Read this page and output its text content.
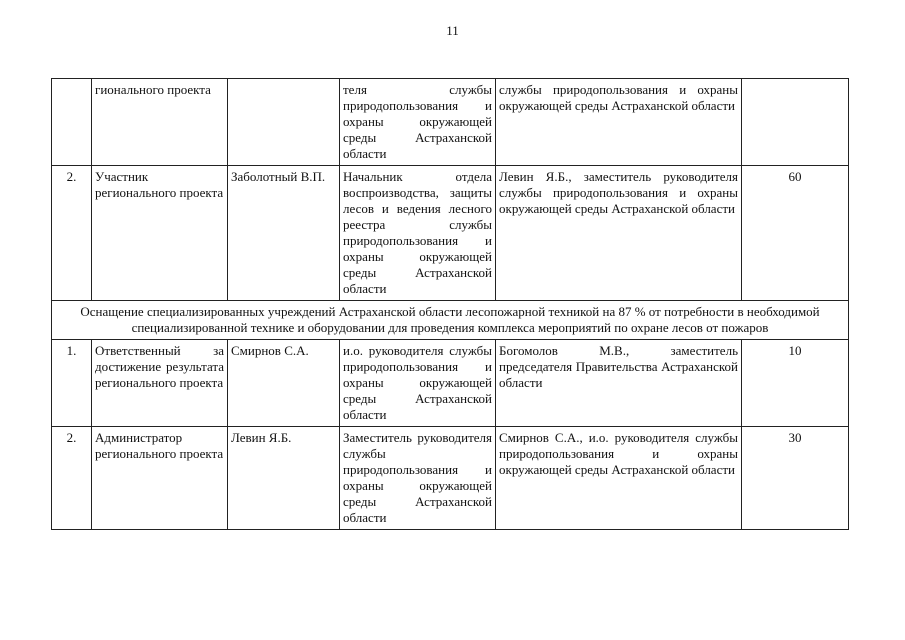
11
	гионального проекта		теля службы природопользования и охраны окружающей среды Астраханской области	службы природопользования и охраны окружающей среды Астраханской области	
2.	Участник регионального проекта	Заболотный В.П.	Начальник отдела воспроизводства, защиты лесов и ведения лесного реестра службы природопользования и охраны окружающей среды Астраханской области	Левин Я.Б., заместитель руководителя службы природопользования и охраны окружающей среды Астраханской области	60
Оснащение специализированных учреждений Астраханской области лесопожарной техникой на 87 % от потребности в необходимой специализированной технике и оборудовании для проведения комплекса мероприятий по охране лесов от пожаров					
1.	Ответственный за достижение результата регионального проекта	Смирнов С.А.	и.о. руководителя службы природопользования и охраны окружающей среды Астраханской области	Богомолов М.В., заместитель председателя Правительства Астраханской области	10
2.	Администратор регионального проекта	Левин Я.Б.	Заместитель руководителя службы природопользования и охраны окружающей среды Астраханской области	Смирнов С.А., и.о. руководителя службы природопользования и охраны окружающей среды Астраханской области	30
